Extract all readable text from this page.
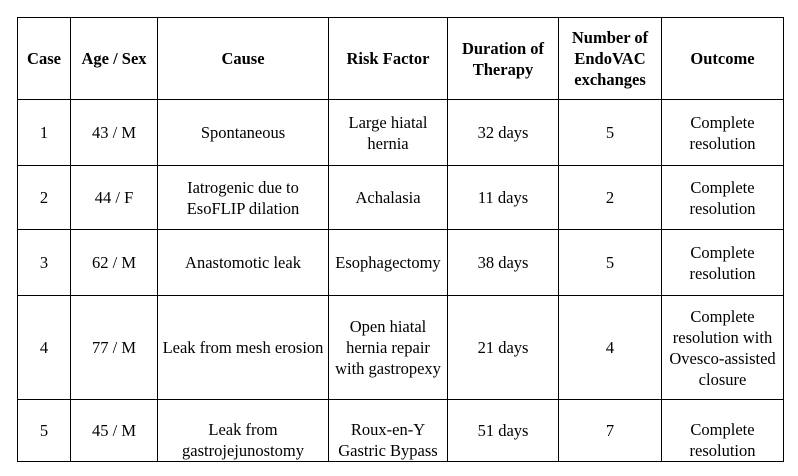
Case	Age / Sex	Cause	Risk Factor	Duration of Therapy	Number of EndoVAC exchanges	Outcome
1	43 / M	Spontaneous	Large hiatal hernia	32 days	5	Complete resolution
2	44 / F	Iatrogenic due to EsoFLIP dilation	Achalasia	11 days	2	Complete resolution
3	62 / M	Anastomotic leak	Esophagectomy	38 days	5	Complete resolution
4	77 / M	Leak from mesh erosion	Open hiatal hernia repair with gastropexy	21 days	4	Complete resolution with Ovesco-assisted closure
5	45 / M	Leak from gastrojejunostomy	Roux-en-Y Gastric Bypass	51 days	7	Complete resolution
